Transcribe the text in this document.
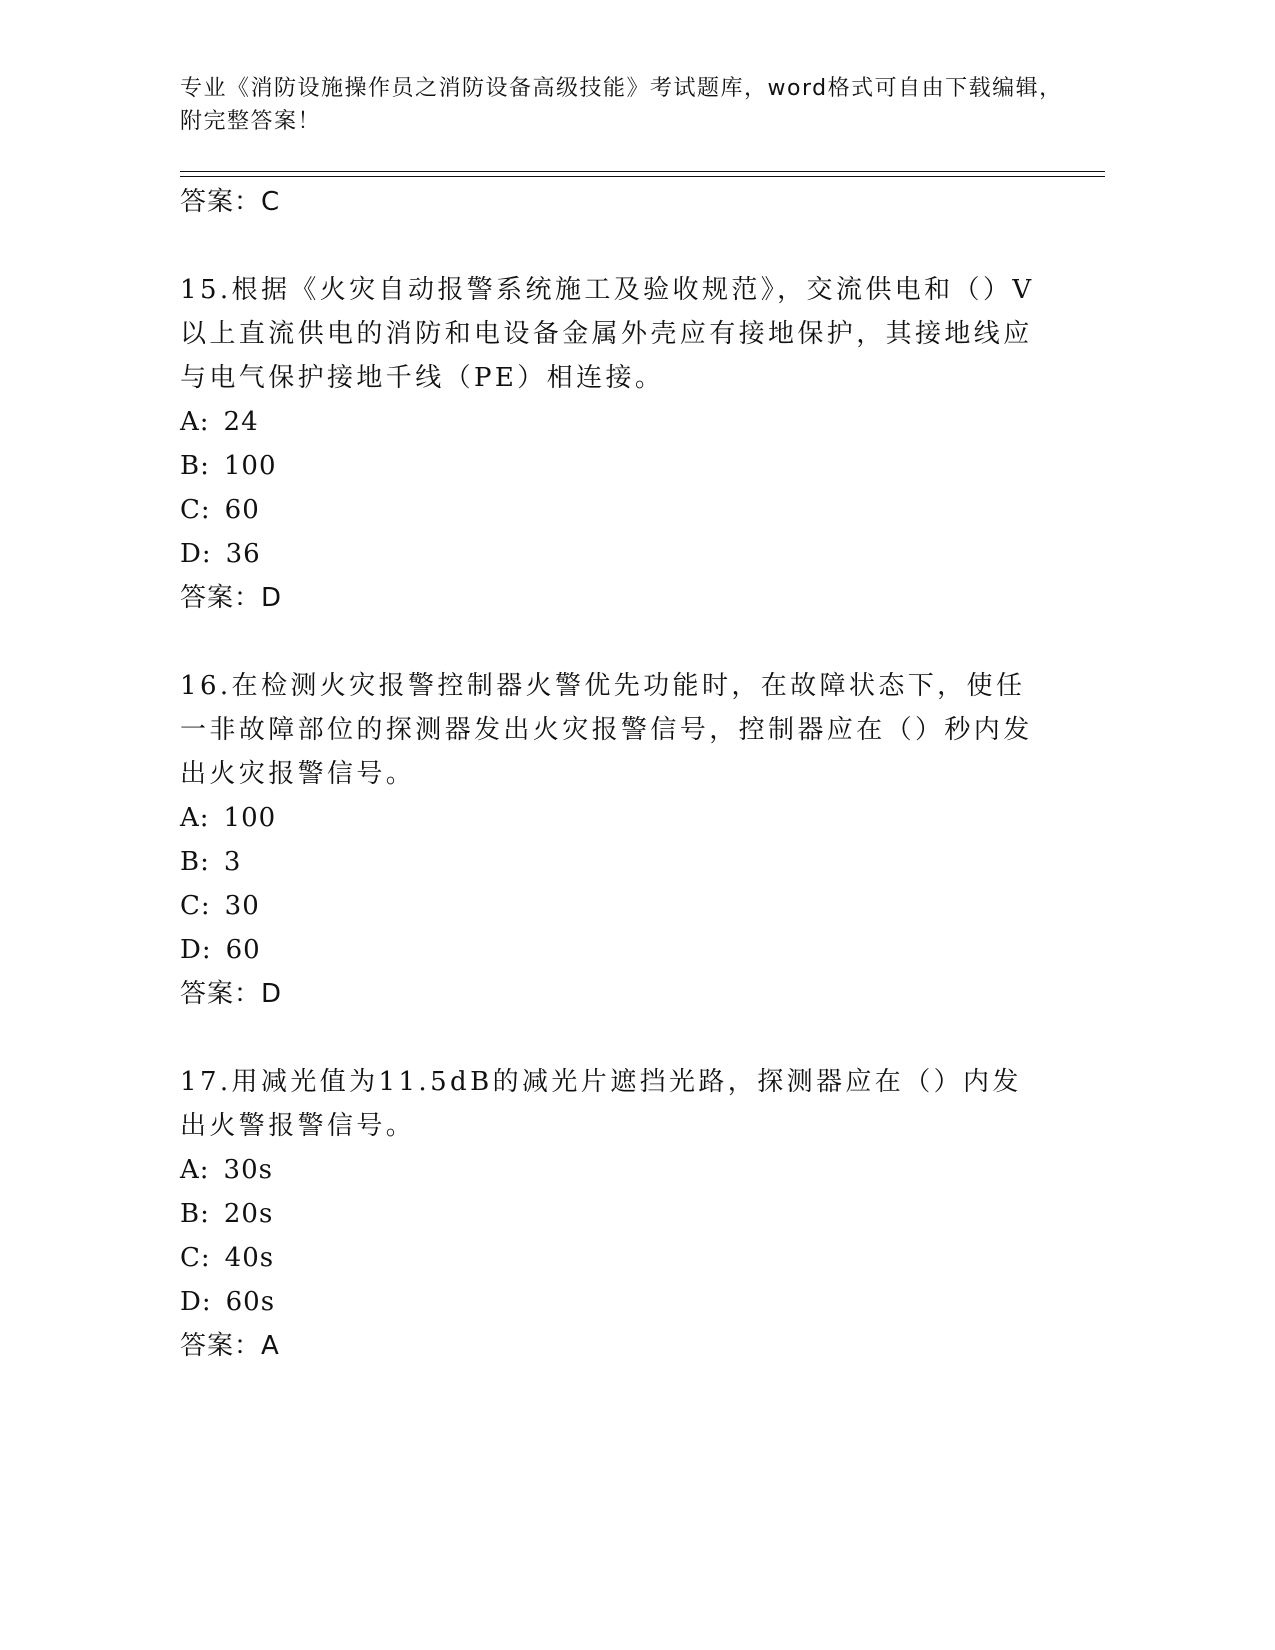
专业《消防设施操作员之消防设备高级技能》考试题库，word格式可自由下载编辑，附完整答案！
答案：C
15.根据《火灾自动报警系统施工及验收规范》，交流供电和（）V以上直流供电的消防和电设备金属外壳应有接地保护，其接地线应与电气保护接地千线（PE）相连接。
A: 24
B: 100
C: 60
D: 36
答案：D
16.在检测火灾报警控制器火警优先功能时，在故障状态下，使任一非故障部位的探测器发出火灾报警信号，控制器应在（）秒内发出火灾报警信号。
A: 100
B: 3
C: 30
D: 60
答案：D
17.用减光值为11.5dB的减光片遮挡光路，探测器应在（）内发出火警报警信号。
A: 30s
B: 20s
C: 40s
D: 60s
答案：A
